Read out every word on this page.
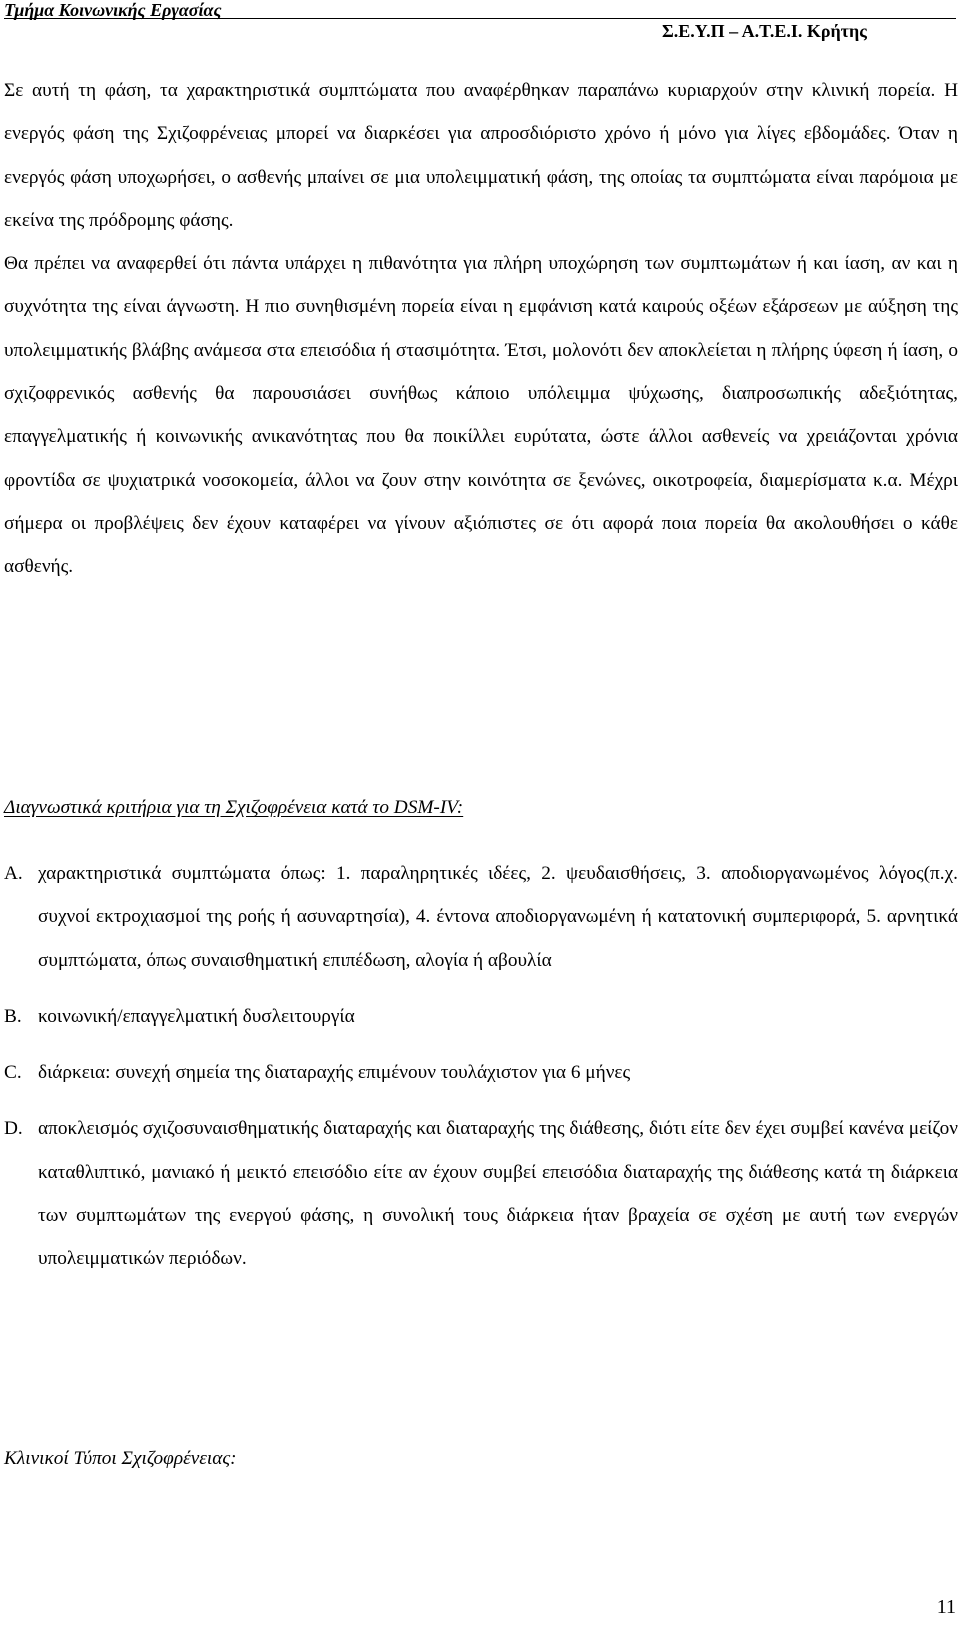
Τμήμα Κοινωνικής Εργασίας
Σ.Ε.Υ.Π – Α.Τ.Ε.Ι. Κρήτης

Σε αυτή τη φάση, τα χαρακτηριστικά συμπτώματα που αναφέρθηκαν παραπάνω κυριαρχούν στην κλινική πορεία. Η ενεργός φάση της Σχιζοφρένειας μπορεί να διαρκέσει για απροσδιόριστο χρόνο ή μόνο για λίγες εβδομάδες. Όταν η ενεργός φάση υποχωρήσει, ο ασθενής μπαίνει σε μια υπολειμματική φάση, της οποίας τα συμπτώματα είναι παρόμοια με εκείνα της πρόδρομης φάσης.

Θα πρέπει να αναφερθεί ότι πάντα υπάρχει η πιθανότητα για πλήρη υποχώρηση των συμπτωμάτων ή και ίαση, αν και η συχνότητα της είναι άγνωστη. Η πιο συνηθισμένη πορεία είναι η εμφάνιση κατά καιρούς οξέων εξάρσεων με αύξηση της υπολειμματικής βλάβης ανάμεσα στα επεισόδια ή στασιμότητα. Έτσι, μολονότι δεν αποκλείεται η πλήρης ύφεση ή ίαση, ο σχιζοφρενικός ασθενής θα παρουσιάσει συνήθως κάποιο υπόλειμμα ψύχωσης, διαπροσωπικής αδεξιότητας, επαγγελματικής ή κοινωνικής ανικανότητας που θα ποικίλλει ευρύτατα, ώστε άλλοι ασθενείς να χρειάζονται χρόνια φροντίδα σε ψυχιατρικά νοσοκομεία, άλλοι να ζουν στην κοινότητα σε ξενώνες, οικοτροφεία, διαμερίσματα κ.α. Μέχρι σήμερα οι προβλέψεις δεν έχουν καταφέρει να γίνουν αξιόπιστες σε ότι αφορά ποια πορεία θα ακολουθήσει ο κάθε ασθενής.

Διαγνωστικά κριτήρια για τη Σχιζοφρένεια κατά το DSM-IV:
A. χαρακτηριστικά συμπτώματα όπως: 1. παραληρητικές ιδέες, 2. ψευδαισθήσεις, 3. αποδιοργανωμένος λόγος(π.χ. συχνοί εκτροχιασμοί της ροής ή ασυναρτησία), 4. έντονα αποδιοργανωμένη ή κατατονική συμπεριφορά, 5. αρνητικά συμπτώματα, όπως συναισθηματική επιπέδωση, αλογία ή αβουλία
B. κοινωνική/επαγγελματική δυσλειτουργία
C. διάρκεια: συνεχή σημεία της διαταραχής επιμένουν τουλάχιστον για 6 μήνες
D. αποκλεισμός σχιζοσυναισθηματικής διαταραχής και διαταραχής της διάθεσης, διότι είτε δεν έχει συμβεί κανένα μείζον καταθλιπτικό, μανιακό ή μεικτό επεισόδιο είτε αν έχουν συμβεί επεισόδια διαταραχής της διάθεσης κατά τη διάρκεια των συμπτωμάτων της ενεργού φάσης, η συνολική τους διάρκεια ήταν βραχεία σε σχέση με αυτή των ενεργών υπολειμματικών περιόδων.
Κλινικοί Τύποι Σχιζοφρένειας:
11
